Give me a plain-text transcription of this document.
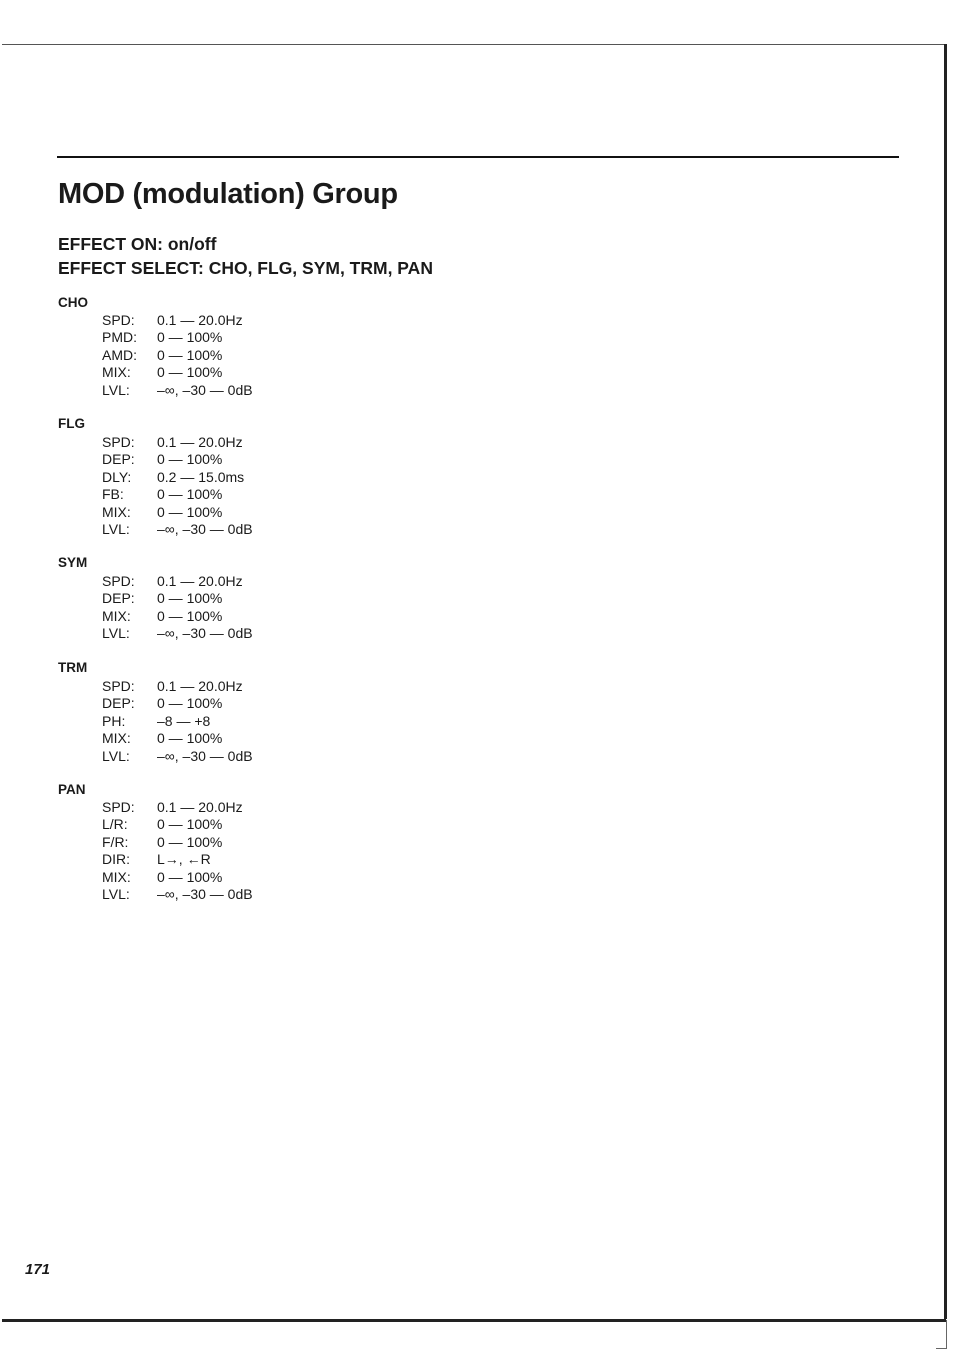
MOD (modulation) Group
EFFECT ON: on/off
EFFECT SELECT: CHO, FLG, SYM, TRM, PAN
CHO
SPD: 0.1 — 20.0Hz
PMD: 0 — 100%
AMD: 0 — 100%
MIX: 0 — 100%
LVL: –∞, –30 — 0dB
FLG
SPD: 0.1 — 20.0Hz
DEP: 0 — 100%
DLY: 0.2 — 15.0ms
FB: 0 — 100%
MIX: 0 — 100%
LVL: –∞, –30 — 0dB
SYM
SPD: 0.1 — 20.0Hz
DEP: 0 — 100%
MIX: 0 — 100%
LVL: –∞, –30 — 0dB
TRM
SPD: 0.1 — 20.0Hz
DEP: 0 — 100%
PH: –8 — +8
MIX: 0 — 100%
LVL: –∞, –30 — 0dB
PAN
SPD: 0.1 — 20.0Hz
L/R: 0 — 100%
F/R: 0 — 100%
DIR: L→, ←R
MIX: 0 — 100%
LVL: –∞, –30 — 0dB
171
